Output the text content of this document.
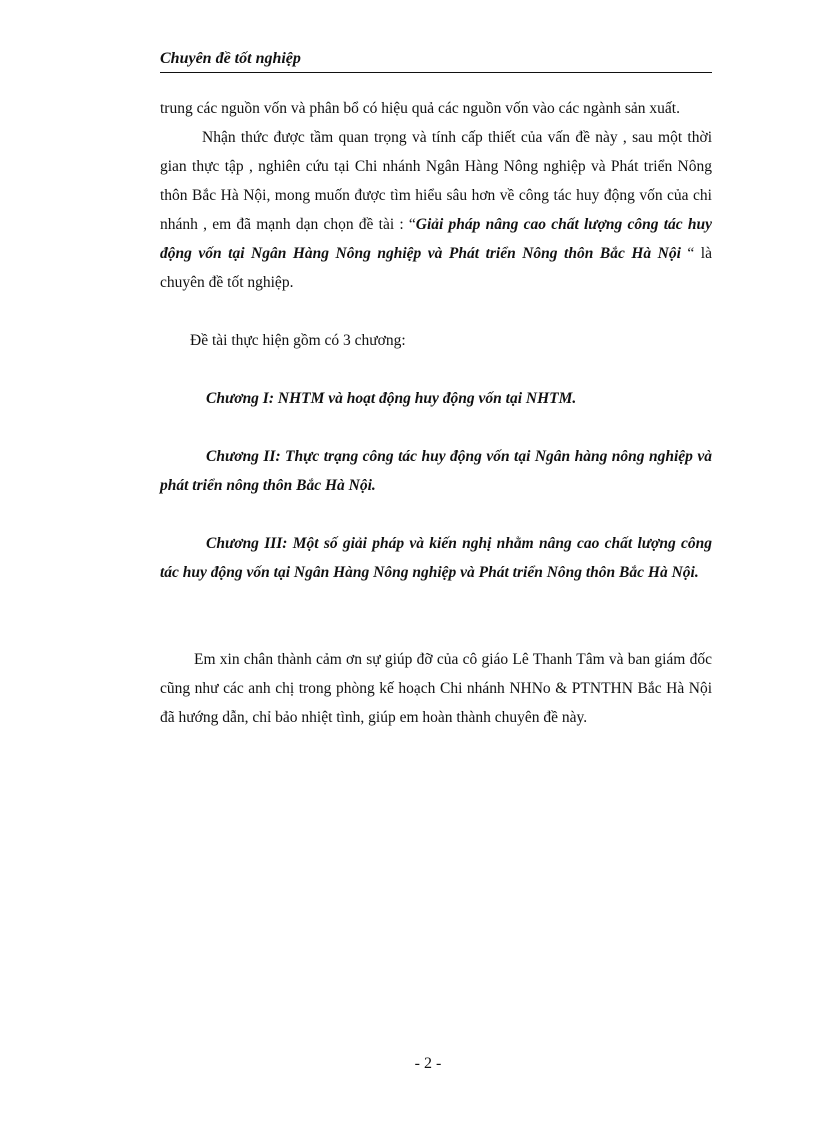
Chuyên đề tốt nghiệp

trung các nguồn vốn và phân bổ có hiệu quả các nguồn vốn vào các ngành sản xuất.

Nhận thức được tầm quan trọng và tính cấp thiết của vấn đề này , sau một thời gian thực tập , nghiên cứu tại Chi nhánh Ngân Hàng Nông nghiệp và Phát triển Nông thôn Bắc Hà Nội, mong muốn được tìm hiểu sâu hơn về công tác huy động vốn của chi nhánh , em đã mạnh dạn chọn đề tài : “Giải pháp nâng cao chất lượng công tác huy động vốn tại Ngân Hàng Nông nghiệp và Phát triển Nông thôn Bắc Hà Nội “ là chuyên đề tốt nghiệp.

Đề tài thực hiện gồm có 3 chương:

Chương I: NHTM và hoạt động huy động vốn tại NHTM.

Chương II: Thực trạng công tác huy động vốn tại Ngân hàng nông nghiệp và phát triển nông thôn Bắc Hà Nội.

Chương III: Một số giải pháp và kiến nghị nhằm nâng cao chất lượng công tác huy động vốn tại Ngân Hàng Nông nghiệp và Phát triển Nông thôn Bắc Hà Nội.

Em xin chân thành cảm ơn sự giúp đỡ của cô giáo Lê Thanh Tâm và ban giám đốc cũng như các anh chị trong phòng kế hoạch Chi nhánh NHNo & PTNTHN Bắc Hà Nội đã hướng dẫn, chỉ bảo nhiệt tình, giúp em hoàn thành chuyên đề này.

- 2 -
